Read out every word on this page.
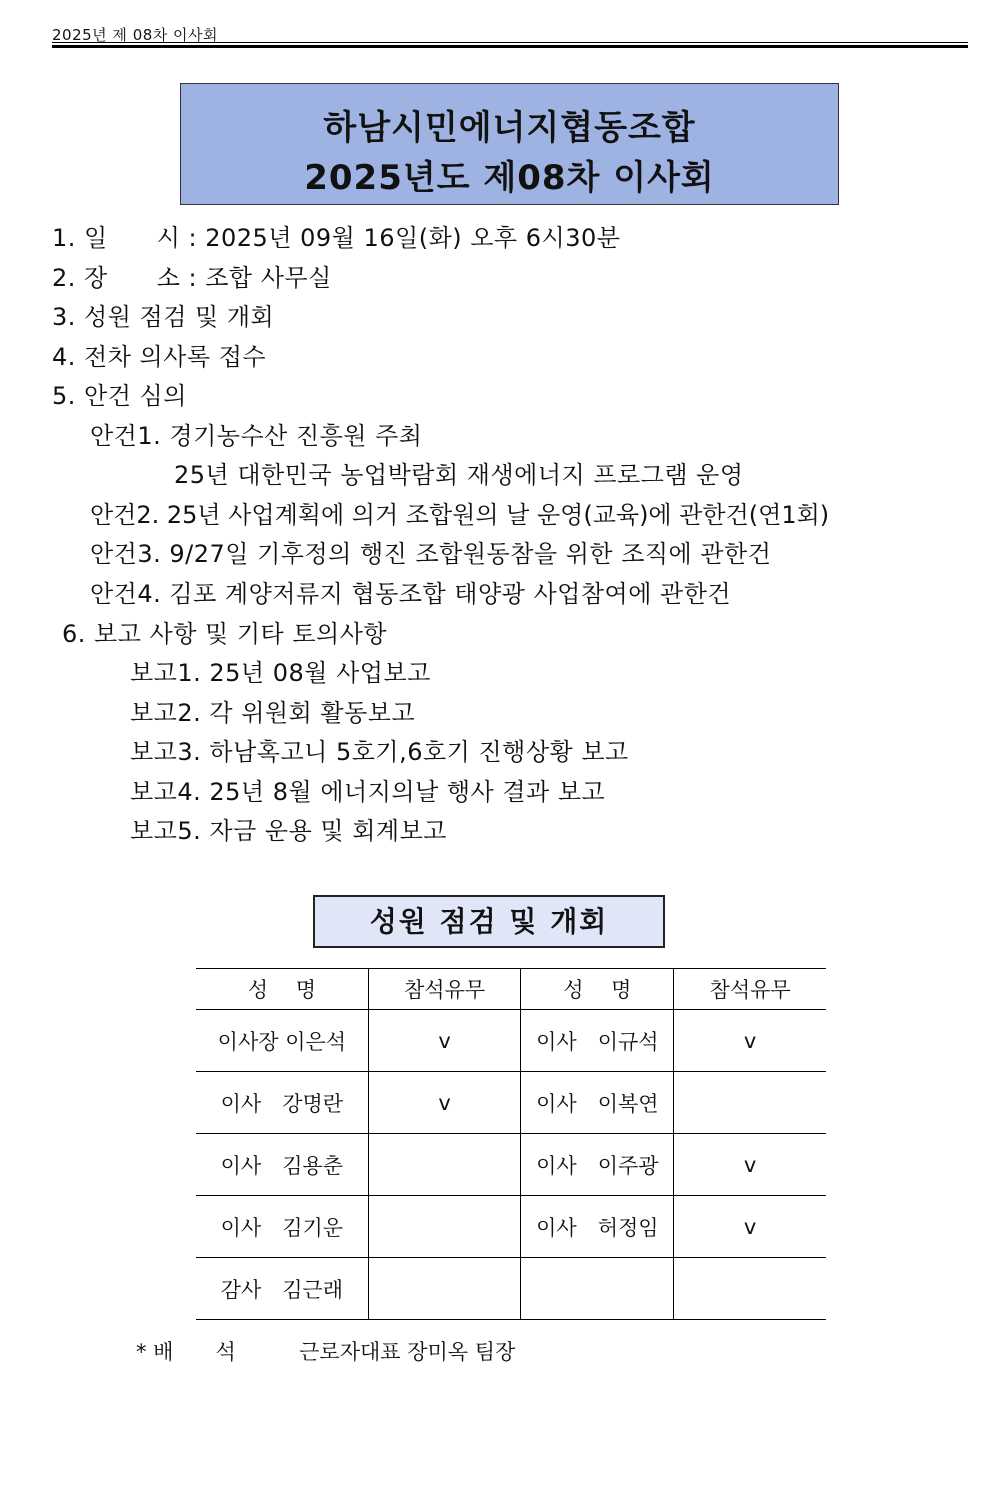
2025년 제 08차 이사회
하남시민에너지협동조합
2025년도 제08차 이사회
1. 일　　시 : 2025년 09월 16일(화) 오후 6시30분
2. 장　　소 : 조합 사무실
3. 성원 점검 및 개회
4. 전차 의사록 접수
5. 안건 심의
안건1. 경기농수산 진흥원 주최
25년 대한민국 농업박람회 재생에너지 프로그램 운영
안건2. 25년 사업계획에 의거 조합원의 날 운영(교육)에 관한건(연1회)
안건3. 9/27일 기후정의 행진 조합원동참을 위한 조직에 관한건
안건4. 김포 계양저류지 협동조합 태양광 사업참여에 관한건
6. 보고 사항 및 기타 토의사항
보고1. 25년 08월 사업보고
보고2. 각 위원회 활동보고
보고3. 하남혹고니 5호기,6호기 진행상황 보고
보고4. 25년 8월 에너지의날 행사 결과 보고
보고5. 자금 운용 및 회계보고
성원 점검 및 개회
성　 명	참석유무	성　 명	참석유무
이사장 이은석	v	이사　이규석	v
이사　강명란	v	이사　이복연	
이사　김용춘		이사　이주광	v
이사　김기운		이사　허정임	v
감사　김근래			
* 배　　석	근로자대표 장미옥 팀장
